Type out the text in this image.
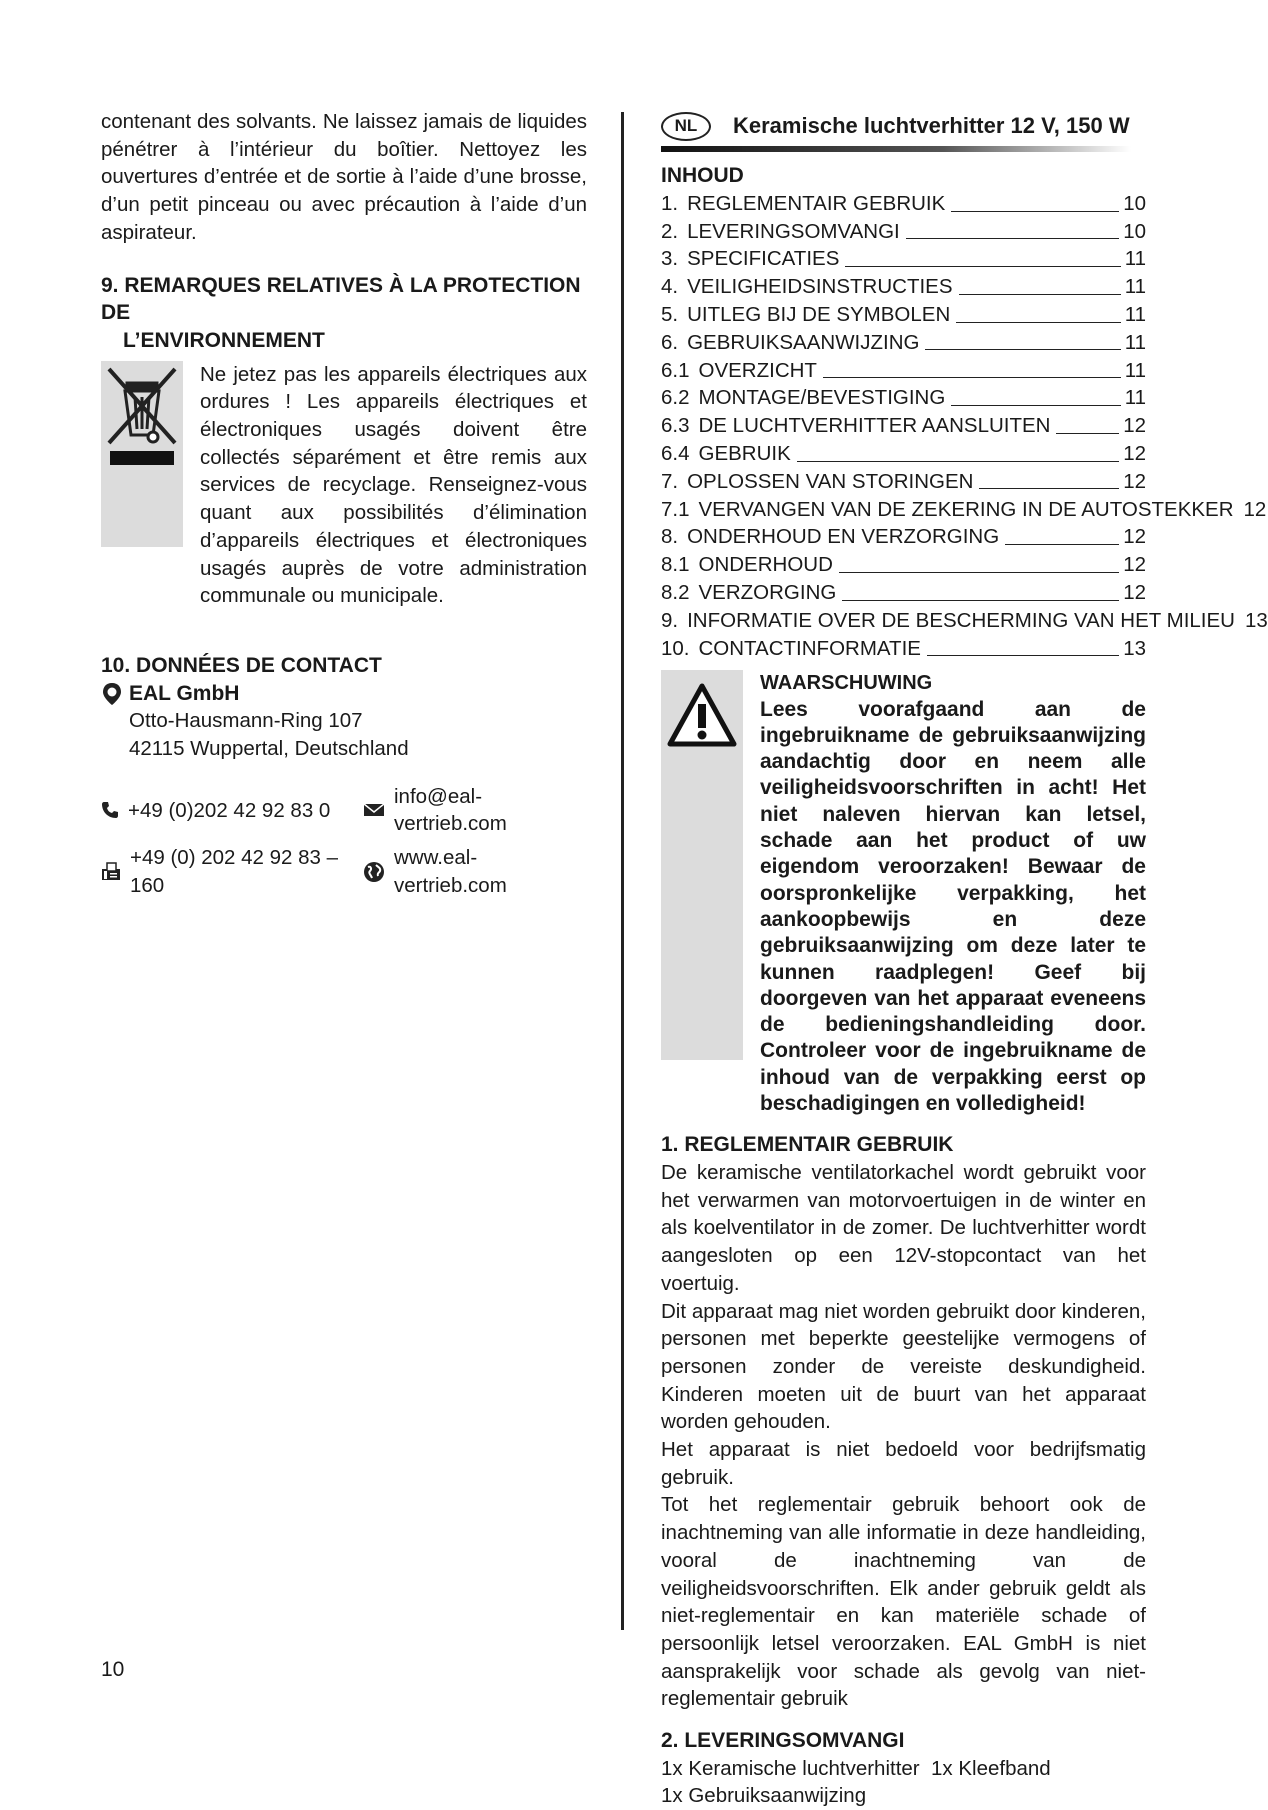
contenant des solvants. Ne laissez jamais de liquides pénétrer à l’intérieur du boîtier. Nettoyez les ouvertures d’entrée et de sortie à l’aide d’une brosse, d’un petit pinceau ou avec précaution à l’aide d’un aspirateur.
9. REMARQUES RELATIVES À LA PROTECTION DE
L’ENVIRONNEMENT
Ne jetez pas les appareils électriques aux ordures ! Les appareils électriques et électroniques usagés doivent être collectés séparément et être remis aux services de recyclage. Renseignez-vous quant aux possibilités d’élimination d’appareils électriques et électroniques usagés auprès de votre administration communale ou municipale.
10. DONNÉES DE CONTACT
EAL GmbH
Otto-Hausmann-Ring 107
42115 Wuppertal, Deutschland
+49 (0)202 42 92 83 0
info@eal-vertrieb.com
+49 (0) 202 42 92 83 – 160
www.eal-vertrieb.com
NL	Keramische luchtverhitter 12 V, 150 W
INHOUD
1. REGLEMENTAIR GEBRUIK	10
2. LEVERINGSOMVANGI	10
3. SPECIFICATIES	11
4. VEILIGHEIDSINSTRUCTIES	11
5. UITLEG BIJ DE SYMBOLEN	11
6. GEBRUIKSAANWIJZING	11
6.1 OVERZICHT	11
6.2 MONTAGE/BEVESTIGING	11
6.3 DE LUCHTVERHITTER AANSLUITEN	12
6.4 GEBRUIK	12
7. OPLOSSEN VAN STORINGEN	12
7.1 VERVANGEN VAN DE ZEKERING IN DE AUTOSTEKKER 12
8. ONDERHOUD EN VERZORGING	12
8.1 ONDERHOUD	12
8.2 VERZORGING	12
9. INFORMATIE OVER DE BESCHERMING VAN HET MILIEU 13
10. CONTACTINFORMATIE	13
WAARSCHUWING
Lees voorafgaand aan de ingebruikname de gebruiksaanwijzing aandachtig door en neem alle veiligheidsvoorschriften in acht! Het niet naleven hiervan kan letsel, schade aan het product of uw eigendom veroorzaken! Bewaar de oorspronkelijke verpakking, het aankoopbewijs en deze gebruiksaanwijzing om deze later te kunnen raadplegen! Geef bij doorgeven van het apparaat eveneens de bedieningshandleiding door. Controleer voor de ingebruikname de inhoud van de verpakking eerst op beschadigingen en volledigheid!
1. REGLEMENTAIR GEBRUIK
De keramische ventilatorkachel wordt gebruikt voor het verwarmen van motorvoertuigen in de winter en als koelventilator in de zomer. De luchtverhitter wordt aangesloten op een 12V-stopcontact van het voertuig.
Dit apparaat mag niet worden gebruikt door kinderen, personen met beperkte geestelijke vermogens of personen zonder de vereiste deskundigheid. Kinderen moeten uit de buurt van het apparaat worden gehouden.
Het apparaat is niet bedoeld voor bedrijfsmatig gebruik.
Tot het reglementair gebruik behoort ook de inachtneming van alle informatie in deze handleiding, vooral de inachtneming van de veiligheidsvoorschriften. Elk ander gebruik geldt als niet-reglementair en kan materiële schade of persoonlijk letsel veroorzaken. EAL GmbH is niet aansprakelijk voor schade als gevolg van niet-reglementair gebruik
2. LEVERINGSOMVANGI
1x Keramische luchtverhitter  1x Kleefband
1x Gebruiksaanwijzing
10
